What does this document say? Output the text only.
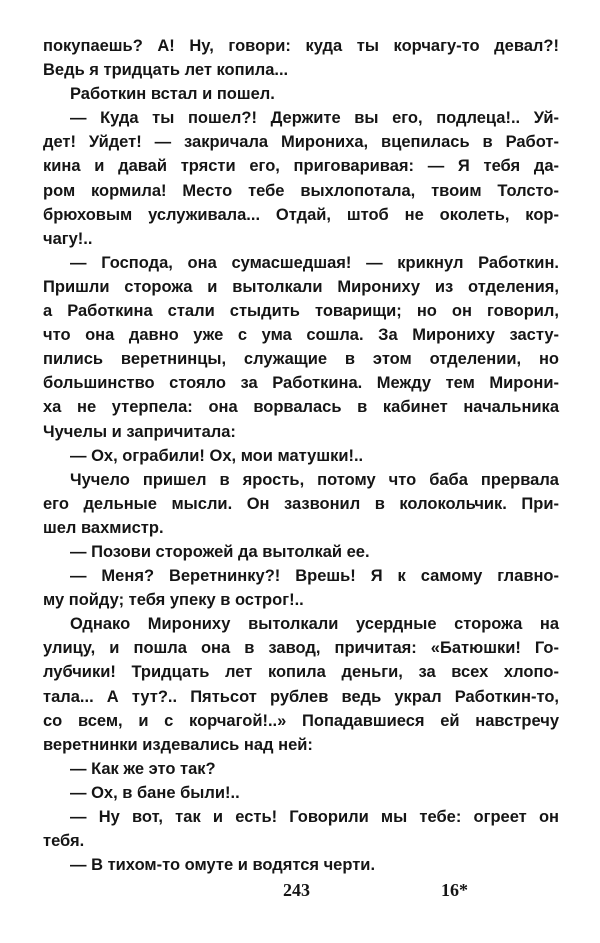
покупаешь? А! Ну, говори: куда ты корчагу-то девал?!
Ведь я тридцать лет копила...
Работкин встал и пошел.
— Куда ты пошел?! Держите вы его, подлеца!.. Уй-
дет! Уйдет! — закричала Мирониха, вцепилась в Работ-
кина и давай трясти его, приговаривая: — Я тебя да-
ром кормила! Место тебе выхлопотала, твоим Толсто-
брюховым услуживала... Отдай, штоб не околеть, кор-
чагу!..
— Господа, она сумасшедшая! — крикнул Работкин.
Пришли сторожа и вытолкали Мирониху из отделения,
а Работкина стали стыдить товарищи; но он говорил,
что она давно уже с ума сошла. За Мирониху засту-
пились веретнинцы, служащие в этом отделении, но
большинство стояло за Работкина. Между тем Мирони-
ха не утерпела: она ворвалась в кабинет начальника
Чучелы и запричитала:
— Ох, ограбили! Ох, мои матушки!..
Чучело пришел в ярость, потому что баба прервала
его дельные мысли. Он зазвонил в колокольчик. При-
шел вахмистр.
— Позови сторожей да вытолкай ее.
— Меня? Веретнинку?! Врешь! Я к самому главно-
му пойду; тебя упеку в острог!..
Однако Мирониху вытолкали усердные сторожа на
улицу, и пошла она в завод, причитая: «Батюшки! Го-
лубчики! Тридцать лет копила деньги, за всех хлопо-
тала... А тут?.. Пятьсот рублев ведь украл Работкин-то,
со всем, и с корчагой!..» Попадавшиеся ей навстречу
веретнинки издевались над ней:
— Как же это так?
— Ох, в бане были!..
— Ну вот, так и есть! Говорили мы тебе: огреет он
тебя.
— В тихом-то омуте и водятся черти.
243	16*
